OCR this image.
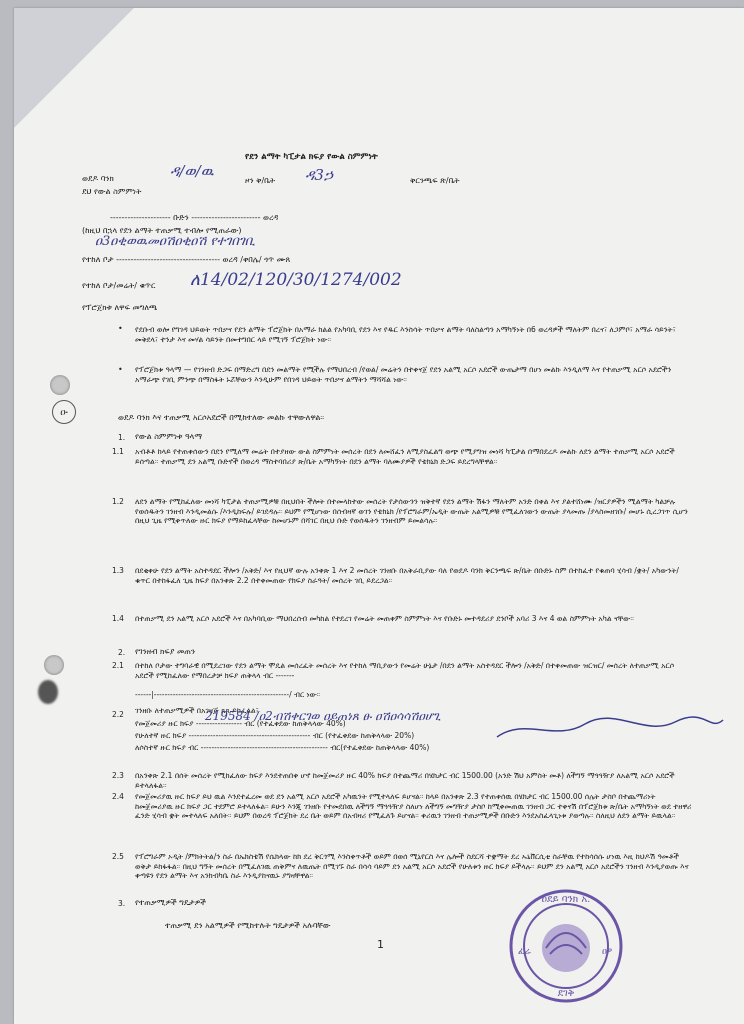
ዑ
የደን ልማት ካፒታል ክፍያ የውል ስምምነት
ወደዶ ባንክ	ዳ/ወ/ዉ
ዞን ቅ/ቤት ዳ3ኃ	ቅርንጫፍ ጽ/ቤት
ደህ የውል ስምምነት
--------------------- ቡድን ------------------------ ወረዳ
(ከዚህ በኋላ የደን ልማት ተጠቃሚ ተብሎ የሚጠራው)
ዐ3ዐቂወዉመዐሽዐቂዐሽ የተገበገቢ
የተከለ ቦታ ------------------------------------ ወረዳ /ቀበሌ/ ጎጥ ሙጸ
የተከለ ቦታ/መሬት/ ቁጥር ለ14/02/120/30/1274/002
የፕሮጀክቱ ለዋፍ መግለጫ
• የደቡብ ወሎ የግገዳ ህይወት ጥበቃና የደን ልማት ፕሮጀክት በአማራ ክልል የአካባቢ የደን እና የዱር እንስሳት ጥበቃና ልማት ባለስልጣን አማካኝነት በ6 ወረዳዎች ማለትም በረና፣ ለጋምቦ፣ አማራ ሳይንት፣ መቅደላ፣ ተንታ እና መሃል ሳይንት በመተግበር ላይ የሚገኝ ፕሮጀክት ነው።
• የፕሮጀክቱ ዓላማ — የገንዘብ ድጋፍ በማድረግ በደን መልማት የሚችሉ የማህበረብ /የወል/ መሬትን በተቀናጀ የደን አልሚ አርሶ አደሮች ውጤታማ በሆነ መልኩ እንዲለማ እና የተጠቃሚ አርሶ አደሮችን አማራጭ የገቢ ምንጭ በማስፋት ኑሯቸውን እንዲሁም የበገዳ ህይወት ጥበቃና ልማትን ማሻሻል ነው።
ወደዶ ባንክ እና ተጠቃሚ አርሶአደሮች በሚከተለው መልኩ ተዋውለዋል።
1. የውል ስምምነቱ ዓላማ
1.1 አብቶቶ ከላይ የተጠቀሰውን በደን የሚለማ መሬት በተያዘው ውል ስምምነት መሰረት በደን ለመሸፈን ለሚያስፈልግ ወጭ የሚያግዝ መነሻ ካፒታል በማበደረዶ መልኩ ለደን ልማት ተጠቃሚ አርሶ አደሮች ይሰጣል። ተጠቃሚ ደን አልሚ ቡድኖች በወረዳ ማስተባበሪያ ጽ/ቤት አማካኝነት በደን ልማት ባለሙያዎች የቴክኒክ ድጋፍ ይደረግላቸዋል።
1.2 ለደን ልማት የሚከፈለው መነሻ ካፒታል ተጠቃሚዎቹ በዚህበት ችሎት በተመላከተው መሰረት የታሰውንን ዝቅተኛ የደን ልማት ሽፋን ማለትም አንድ በቀል እና ያልተሸነሙ /ዝርያዎችን ሚልማት ካልቻሉ የወሰዱትን ገንዘብ እንዲመልሱ /እንዲከፍሉ/ ይገደዳሉ። ይህም የሚሆነው በሰብዛኛ ወገን የቴክኒክ /የፕሮግራም/ኤዲት ውጤት አልሚዎቹ የሚፈለገውን ውጤት ያላመጡ /ያላስመዘገቡ/ መሆኑ ሲረጋገጥ ሲሆን በዚህ ጊዜ የሚቀጥለው ዙር ክፍያ የማይከፈላቸው ከመሆኑም በሻገር በዚህ ቡድ የወሰዱትን ገንዘብም ይመልሳሉ።
1.3 በደቂቀሁ የደን ልማት አስተዳደር ችሎን /አቅድ/ እና የዚህኛ ውሉ አንቀጽ 1 እና 2 መሰረት ገንዘቡ በአቅራቢያው ባለ የወደዶ ባንክ ቅርንጫፍ ጽ/ቤት በቡድኑ ስም በተከፈተ የቁጠባ ሂሳብ /ቋት/ አካውንት/ ቁጥር በተከፋፈለ ጊዜ ክፍያ በአንቀጽ 2.2 በተቀመጠው የክፍያ ስራዓት/ መሰረት ገቢ ይደረጋል።
1.4 በተጠቃሚ ደን አልሚ አርሶ አደሮች እና በአካባቢው ማህበረሰብ መካከል የተደረገ የመሬት መጠቀም ስምምነት እና የቡድኑ መተዳደሪያ ደንቦች አባሪ 3 እና 4 ወል ስምምነት አካል ናቸው።
2. የገንዘብ ክፍያ መጠን
2.1 በተከለ ቦታው ተግባራዊ በሚደረገው የደን ልማት ሞዴል መሰረፈት መሰረት እና የተከለ ማቢያውን የመሬት ሁኔታ /በደን ልማት አስተዳደር ችሎን /አቅድ/ በተቀመጠው ዝርዝር/ መሰረት ለተጠቃሚ አርሶ አደሮች የሚከፈለው የማበረታቻ ክፍያ ጠቅላላ ብር -------
------|--------------------------------------------------/ ብር ነው።
2.2 ገንዘቡ ለተጠቃሚዎች በአገዛጅ ጸጸ ይከፈላል፣
የመጀመሪያ ዙር ክፍያ ----------------- ብር (የተፈቀደው ከጠቅላላው 40%)
219584 /ዐ2ብሽቀርገወ ዐይጠነጸ ፁ ዐሽዐሳሳሽዐሆጊ
የሁለተኛ ዙር ክፍያ --------------------------------------------- ብር (የተፈቀደው ከጠቅላላው 20%)
ለሶስተኛ ዙር ክፍያ ብር ----------------------------------------------- ብር(የተፈቀደው ከጠቅላላው 40%)
2.3 በአንቀጽ 2.1 በሰት መሰረት የሚከፈለው ክፍያ እንደተጠበቀ ሆኖ ከመጀመሪያ ዙር 40% ክፍያ በተጨማሪ በሄክታር ብር 1500.00 (አንድ ሽህ አምስት መቶ) ለችግኝ ማጓጓዥያ ለአልሚ አርሶ አደሮች ይተላለፋል።
2.4 የመጀመሪያዉ ዙር ክፍያ ይህ ዉል እንደተፈረመ ወደ ደን አልሚ አርሶ አደሮች አካዉንት የሚተላለፍ ይሆናል። ከላይ በአንቀጽ 2.3 የተጠቀሰዉ በሄክታር ብር 1500.00 ሰሌት ታስቦ በተጨማሪነት ከመጀመሪያዉ ዙር ክፍያ ጋር ተደምሮ ይተላለፋል። ይሁን እንጂ ገንዘቡ የተመደበዉ ለችግኝ ማጓጓዥያ ስለሆነ ለችግኝ መግዥያ ታስቦ ከሚቀመጠዉ ገንዘብ ጋር ተቀናሽ በፕሮጀክቱ ጽ/ቤት አማካኝነት ወደ ተዘዋሪ ፈንድ ሂሳብ ቋት መተላለፍ አለበት። ይህም በወረዳ ፕሮጀክት ደረ ቤት ወይም በአብዛሪ የሚፈለጉ ይሆናል። ቀሪዉን ገንዘብ ተጠቃሚዎች በቡድን እንደአስፈላጊነቱ ያወጣሉ። ስለዚህ ለደን ልማት ይዉላል።
2.5 የፕሮግራም ኦዲት /ምክትትል/ን ስራ በኤክስቴሽ የሴክላው ከክ ደረ ቅርጎሚ እንስቀጥቶች ወይም በወሰ ሚኒየርስ እና ሌሎች ስደርሻ ተቋማት ደረ ኡኒቨርሲቲ ስራቸዉ የተከሳሰሱ ሆነዉ እዚ ከህዶሽ ዓመቶች ወቅታ ይከፋፋል። በዚህ ግኝት መሰረት በሚፈለገዉ ጠቅምና ለዉጤት በሚገኙ ስራ በሳሳ ባይም ደን አልሚ አርሶ አደሮች የሁለቱን ዙር ክፍያ ይችላሉ። ይህም ደን አልሚ አርሶ አደሮችን ገንዘብ እንዲያወጡ እና ቀጣዩን የደን ልማት እና አንክብካቤ ስራ እንዲያከናዉኑ ያግዛቸዋል።
3. የተጠቃሚዎች ግዴታዎች
ተጠቃሚ ደን አልሚዎች የሚከተሉት ግዴታዎች አሉባቸው
1
ዐደይ ባንክ አ.
ፈሬ	ዐዖ
ደገቅ
